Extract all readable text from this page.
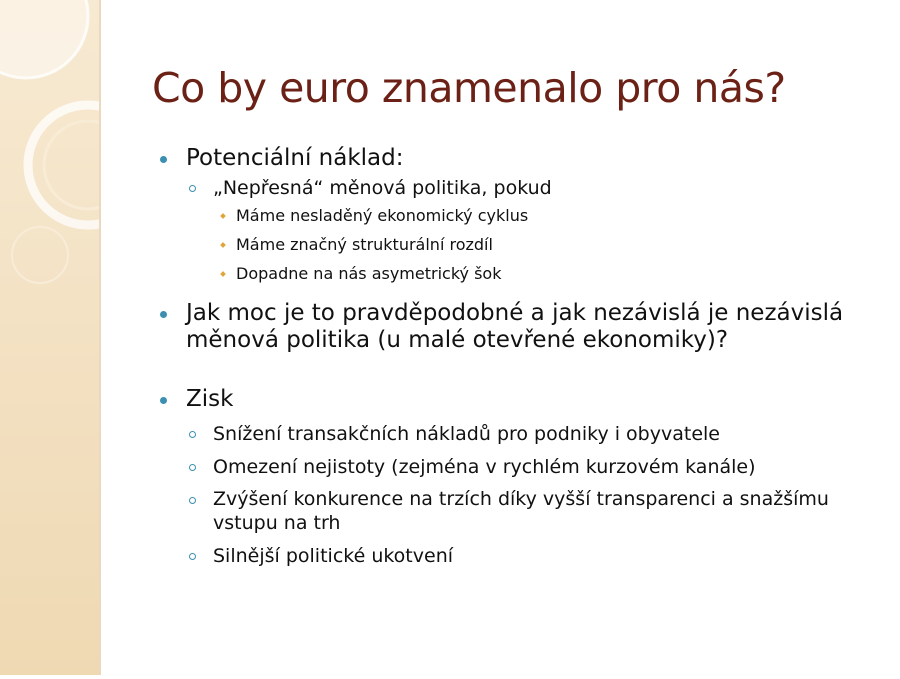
Co by euro znamenalo pro nás?
Potenciální náklad:
„Nepřesná“ měnová politika, pokud
Máme nesladěný ekonomický cyklus
Máme značný strukturální rozdíl
Dopadne na nás asymetrický šok
Jak moc je to pravděpodobné a jak nezávislá je nezávislá měnová politika (u malé otevřené ekonomiky)?
Zisk
Snížení transakčních nákladů pro podniky i obyvatele
Omezení nejistoty (zejména v rychlém kurzovém kanále)
Zvýšení konkurence na trzích díky vyšší transparenci a snažšímu vstupu na trh
Silnější politické ukotvení
